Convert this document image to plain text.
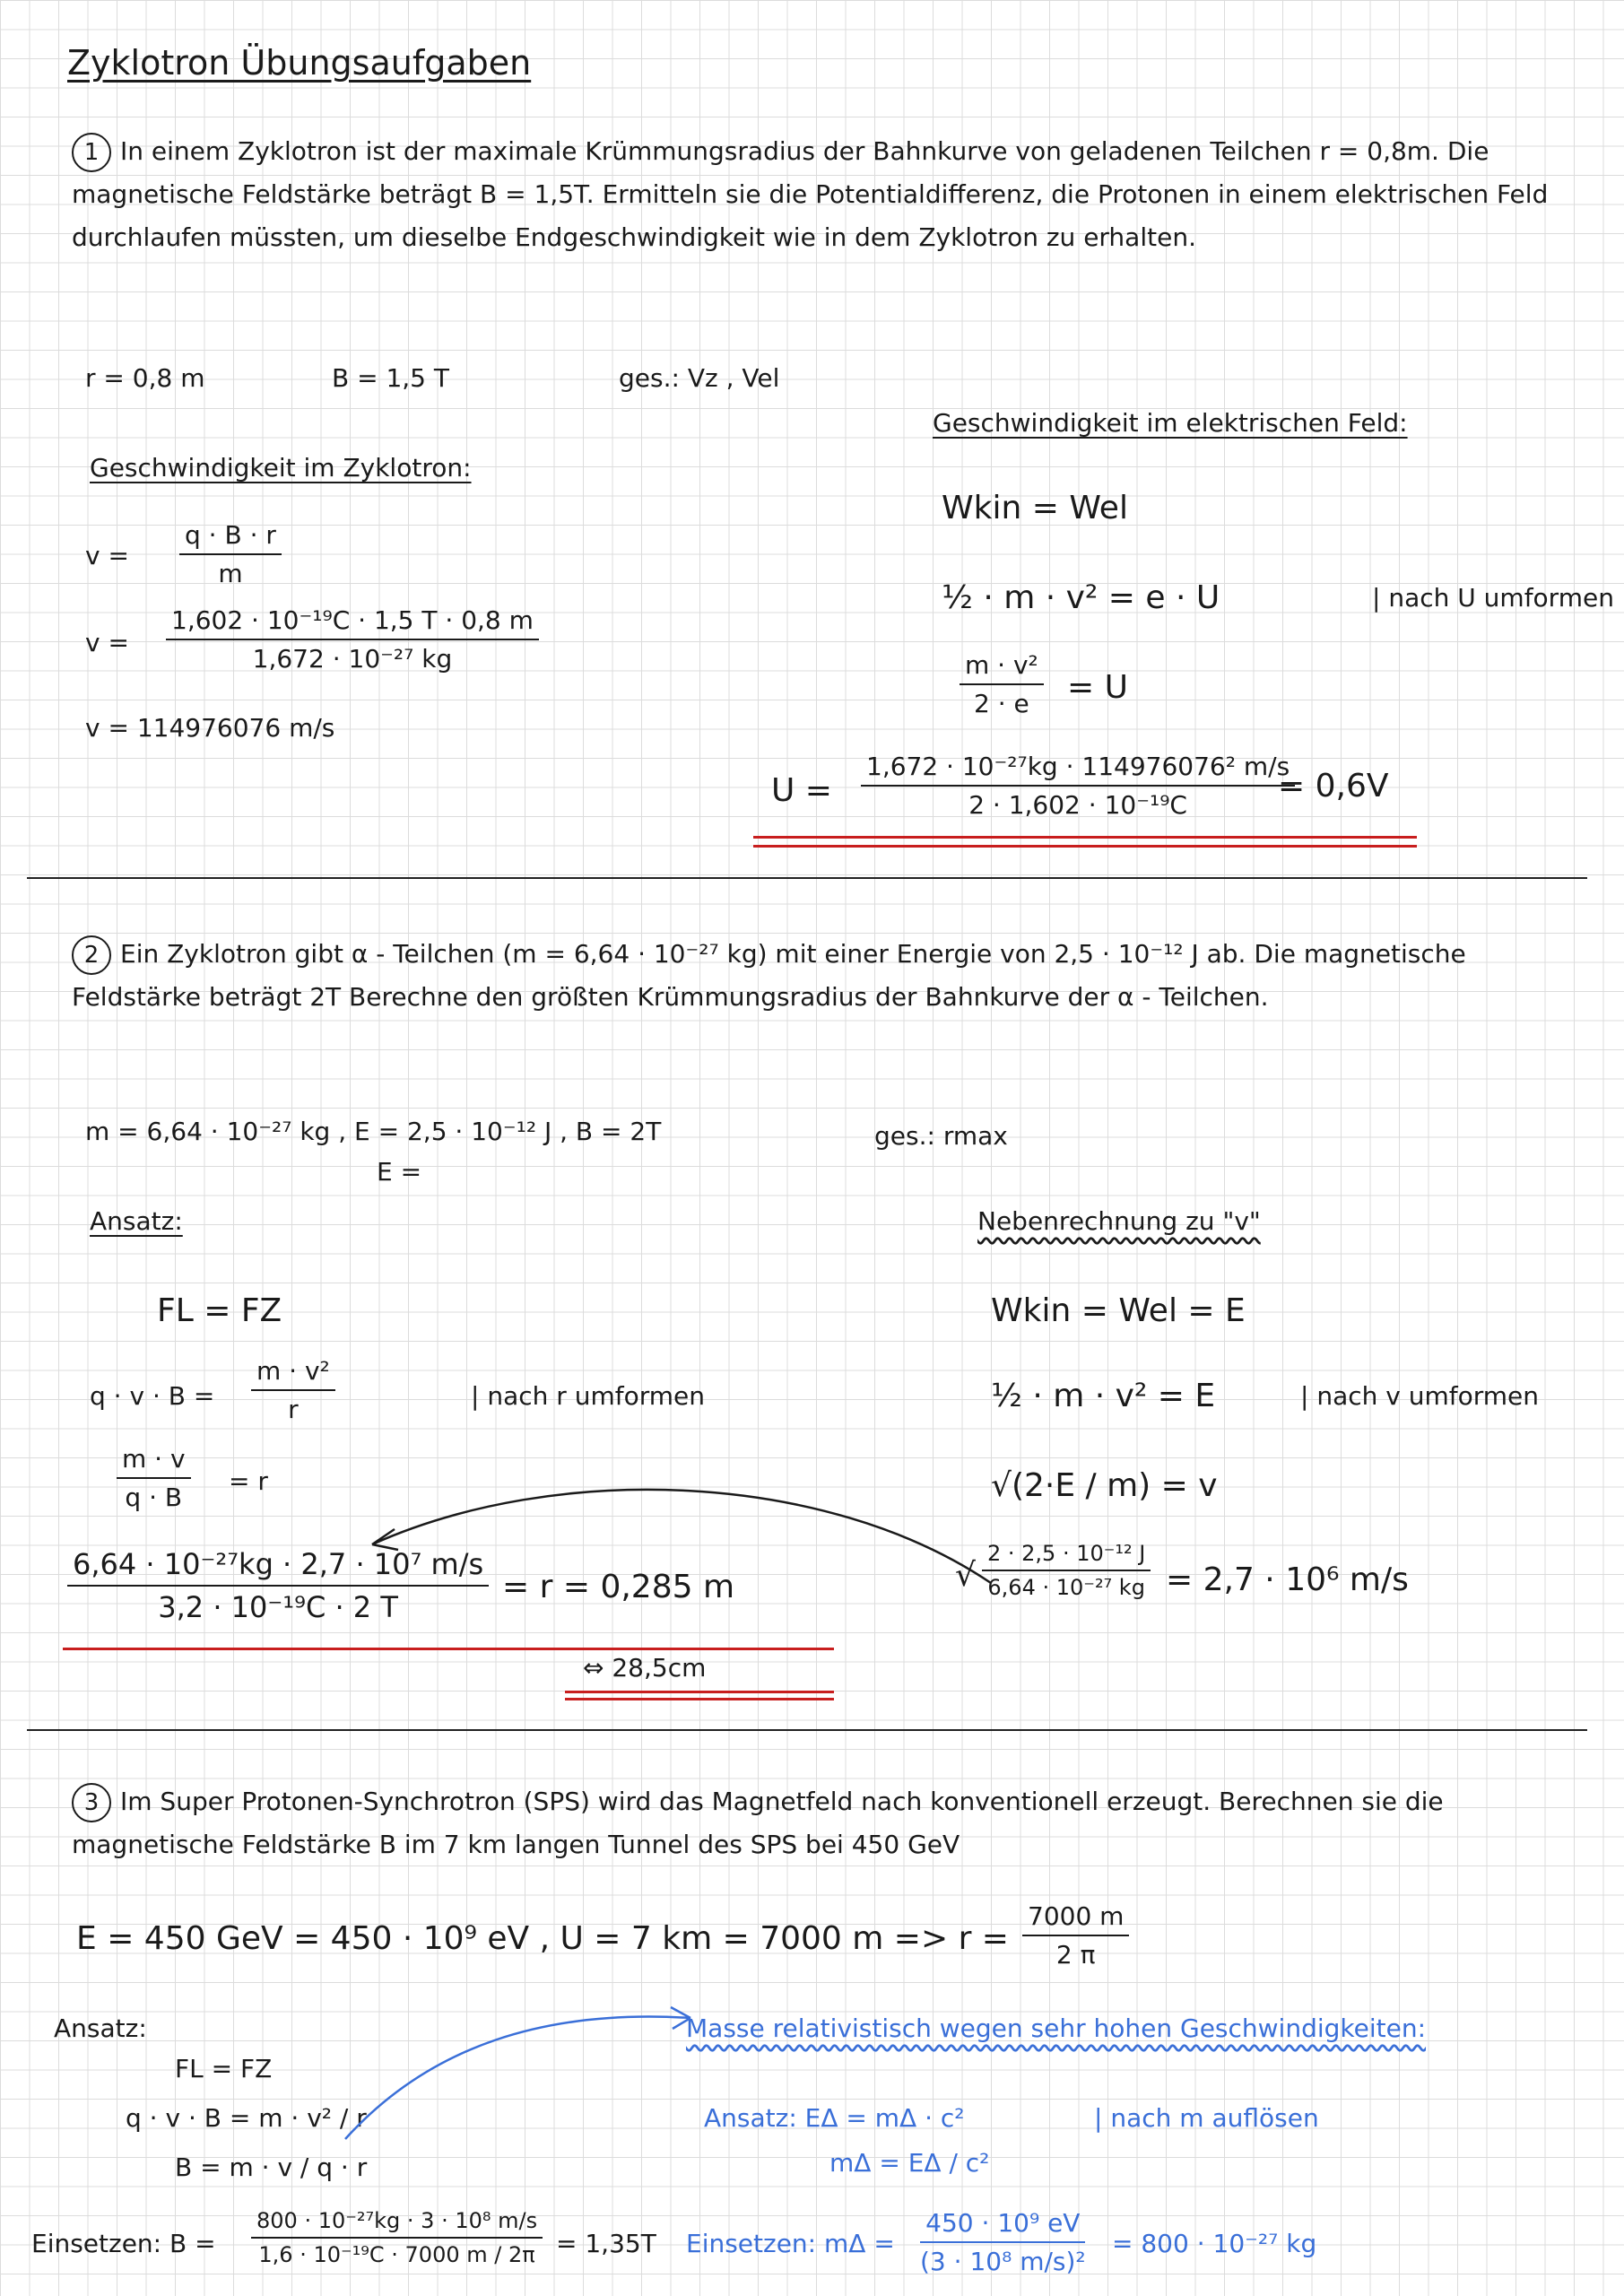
Zyklotron Übungsaufgaben
1 In einem Zyklotron ist der maximale Krümmungsradius der Bahnkurve von geladenen Teilchen r = 0,8m. Die magnetische Feldstärke beträgt B = 1,5T. Ermitteln sie die Potentialdifferenz, die Protonen in einem elektrischen Feld durchlaufen müssten, um dieselbe Endgeschwindigkeit wie in dem Zyklotron zu erhalten.
r = 0,8 m	B = 1,5 T	ges.: Vz , Vel
Geschwindigkeit im Zyklotron:
$v = \frac{q \cdot B \cdot r}{m}$
$v = \frac{\text{1,602 · 10⁻¹⁹C · 1,5 T · 0,8 m}}{\text{1,672 · 10⁻²⁷ kg}}$
v = 114976076 m/s
Geschwindigkeit im elektrischen Feld:
Wkin = Wel
½ · m · v² = e · U	| nach U umformen
$\frac{\text{m · v²}}{2 \cdot e} = U$
$U = \frac{\text{1,672 · 10⁻²⁷kg · 114976076² m/s}}{\text{2 · 1,602 · 10⁻¹⁹C}}$
= 0,6V
2 Ein Zyklotron gibt α - Teilchen (m = 6,64 · 10⁻²⁷ kg) mit einer Energie von 2,5 · 10⁻¹² J ab. Die magnetische Feldstärke beträgt 2T Berechne den größten Krümmungsradius der Bahnkurve der α - Teilchen.
m = 6,64 · 10⁻²⁷ kg , E = 2,5 · 10⁻¹² J , B = 2T
E =
ges.: rmax
Ansatz:
FL = FZ
$q \cdot v \cdot B = \frac{\text{m · v²}}{r}$	| nach r umformen
$\frac{m \cdot v}{q \cdot B} = r$
$\frac{\text{6,64 · 10⁻²⁷kg · 2,7 · 10⁷ m/s}}{\text{3,2 · 10⁻¹⁹C · 2 T}} = r = 0,285$ m
⇔ 28,5cm
Nebenrechnung zu "v"
Wkin = Wel = E
½ · m · v² = E	| nach v umformen
√(2·E / m) = v
√ $\frac{\text{2 · 2,5 · 10⁻¹² J}}{\text{6,64 · 10⁻²⁷ kg}} = 2,7 \cdot 10^6$ m/s
3 Im Super Protonen-Synchrotron (SPS) wird das Magnetfeld nach konventionell erzeugt. Berechnen sie die magnetische Feldstärke B im 7 km langen Tunnel des SPS bei 450 GeV
E = 450 GeV = 450 · 10⁹ eV , U = 7 km = 7000 $m => r = \frac{7000 m}{2 \pi}$
Ansatz:
FL = FZ
q · v · B = m · v² / r
B = m · v / q · r
Einsetzen: $B = \frac{\text{800 · 10⁻²⁷kg · 3 · 10⁸ m/s}}{\text{1,6 · 10⁻¹⁹C · 7000 m / 2π}} = 1,35T$
Masse relativistisch wegen sehr hohen Geschwindigkeiten:
Ansatz: EΔ = mΔ · c²	| nach m auflösen
mΔ = EΔ / c²
Einsetzen: $m\Delta = \frac{\text{450 · 10⁹ eV}}{\text{(3 · 10⁸ m/s)²}} = 800 \cdot 10^{-27}$ kg
